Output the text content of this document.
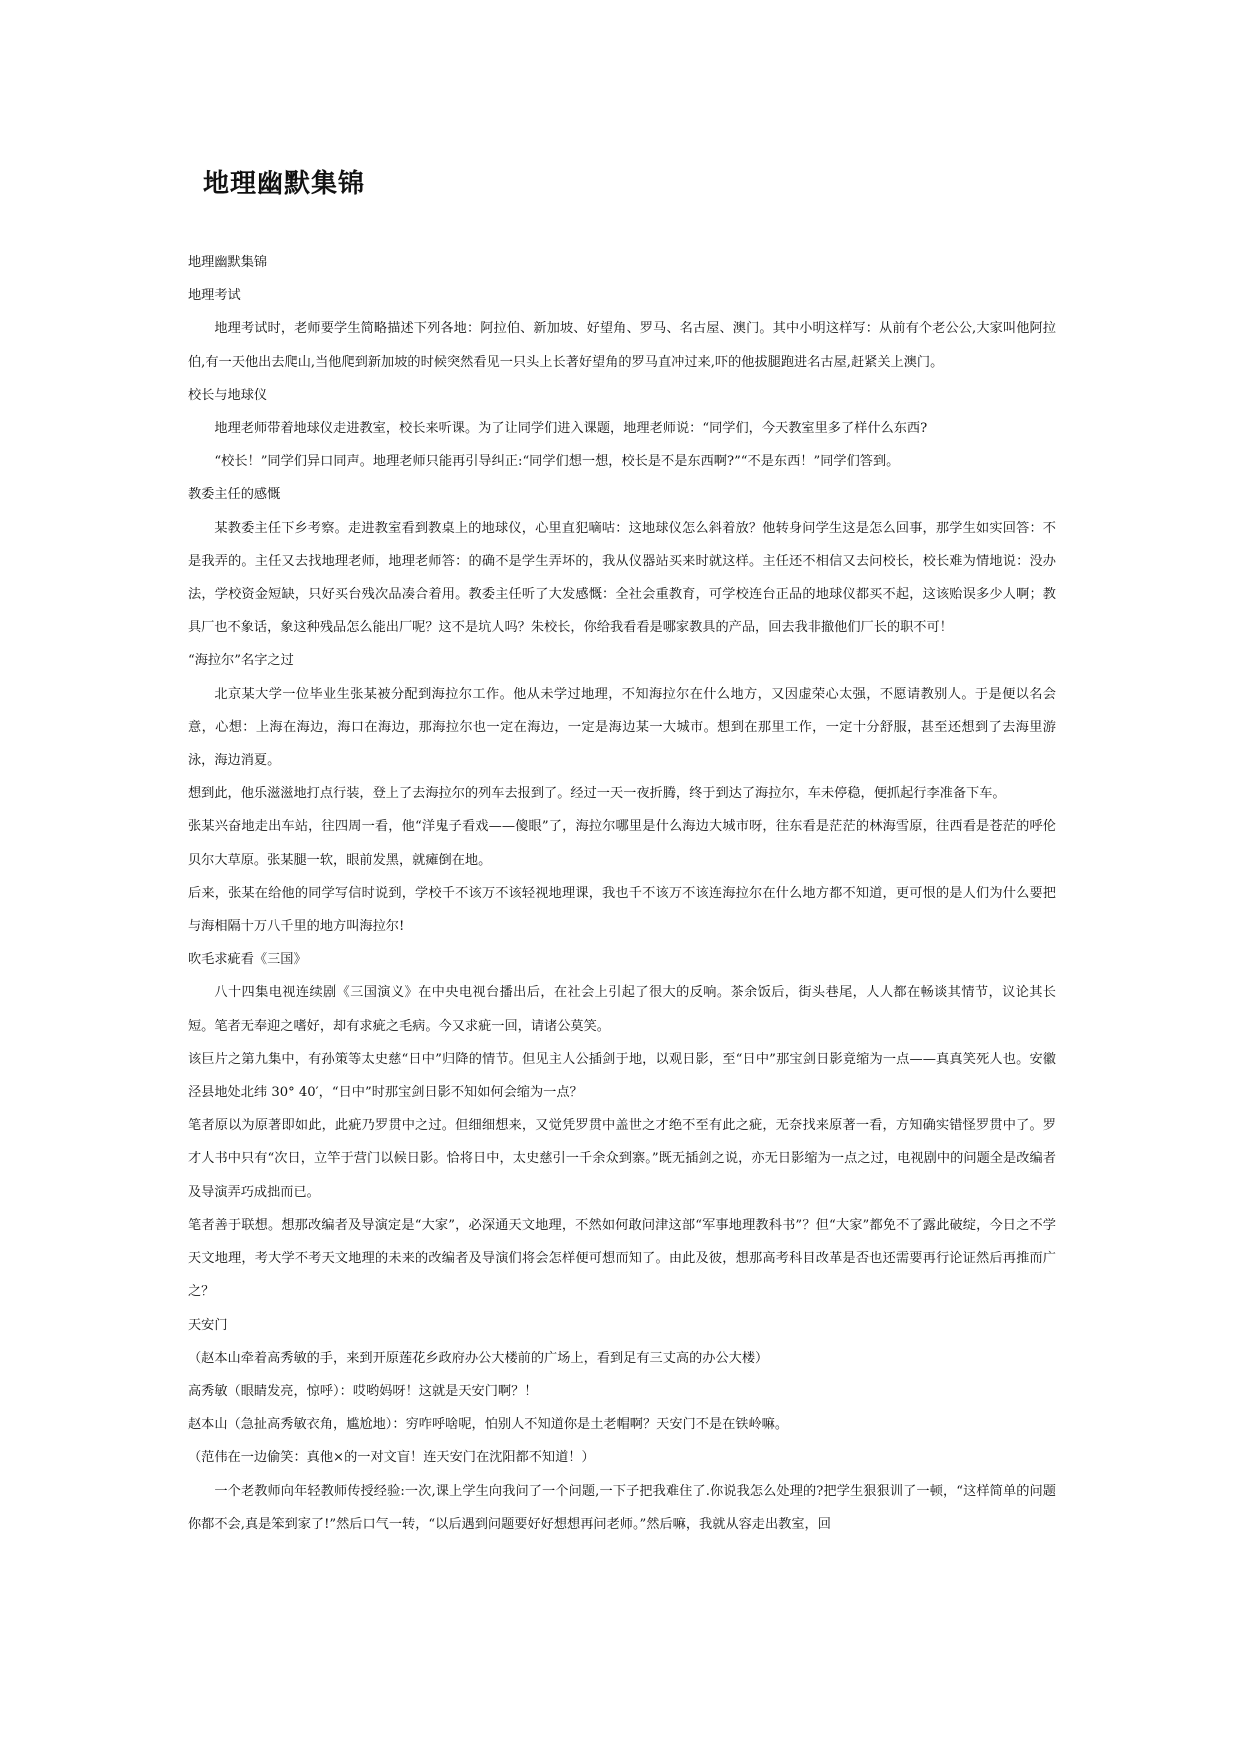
地理幽默集锦

地理幽默集锦

地理考试

地理考试时，老师要学生简略描述下列各地：阿拉伯、新加坡、好望角、罗马、名古屋、澳门。其中小明这样写：从前有个老公公,大家叫他阿拉伯,有一天他出去爬山,当他爬到新加坡的时候突然看见一只头上长著好望角的罗马直冲过来,吓的他拔腿跑进名古屋,赶紧关上澳门。

校长与地球仪

地理老师带着地球仪走进教室，校长来听课。为了让同学们进入课题，地理老师说：“同学们，今天教室里多了样什么东西?

“校长！”同学们异口同声。地理老师只能再引导纠正:“同学们想一想，校长是不是东西啊?”“不是东西！”同学们答到。

教委主任的感慨

某教委主任下乡考察。走进教室看到教桌上的地球仪，心里直犯嘀咕：这地球仪怎么斜着放？他转身问学生这是怎么回事，那学生如实回答：不是我弄的。主任又去找地理老师，地理老师答：的确不是学生弄坏的，我从仪器站买来时就这样。主任还不相信又去问校长，校长难为情地说：没办法，学校资金短缺，只好买台残次品凑合着用。教委主任听了大发感慨：全社会重教育，可学校连台正品的地球仪都买不起，这该贻误多少人啊；教具厂也不象话，象这种残品怎么能出厂呢？这不是坑人吗？朱校长，你给我看看是哪家教具的产品，回去我非撤他们厂长的职不可！

“海拉尔”名字之过

北京某大学一位毕业生张某被分配到海拉尔工作。他从未学过地理，不知海拉尔在什么地方，又因虚荣心太强，不愿请教别人。于是便以名会意，心想：上海在海边，海口在海边，那海拉尔也一定在海边，一定是海边某一大城市。想到在那里工作，一定十分舒服，甚至还想到了去海里游泳，海边消夏。

想到此，他乐滋滋地打点行装，登上了去海拉尔的列车去报到了。经过一天一夜折腾，终于到达了海拉尔，车未停稳，便抓起行李准备下车。

张某兴奋地走出车站，往四周一看，他“洋鬼子看戏——傻眼”了，海拉尔哪里是什么海边大城市呀，往东看是茫茫的林海雪原，往西看是苍茫的呼伦贝尔大草原。张某腿一软，眼前发黑，就瘫倒在地。

后来，张某在给他的同学写信时说到，学校千不该万不该轻视地理课，我也千不该万不该连海拉尔在什么地方都不知道，更可恨的是人们为什么要把与海相隔十万八千里的地方叫海拉尔!

吹毛求疵看《三国》

八十四集电视连续剧《三国演义》在中央电视台播出后，在社会上引起了很大的反响。茶余饭后，街头巷尾，人人都在畅谈其情节，议论其长短。笔者无奉迎之嗜好，却有求疵之毛病。今又求疵一回，请诸公莫笑。

该巨片之第九集中，有孙策等太史慈“日中”归降的情节。但见主人公插剑于地，以观日影，至“日中”那宝剑日影竟缩为一点——真真笑死人也。安徽泾县地处北纬 30° 40′，“日中”时那宝剑日影不知如何会缩为一点？

笔者原以为原著即如此，此疵乃罗贯中之过。但细细想来，又觉凭罗贯中盖世之才绝不至有此之疵，无奈找来原著一看，方知确实错怪罗贯中了。罗才人书中只有“次日，立竿于营门以候日影。恰将日中，太史慈引一千余众到寨。”既无插剑之说，亦无日影缩为一点之过，电视剧中的问题全是改编者及导演弄巧成拙而已。

笔者善于联想。想那改编者及导演定是“大家”，必深通天文地理，不然如何敢问津这部“军事地理教科书”？但“大家”都免不了露此破绽，今日之不学天文地理，考大学不考天文地理的未来的改编者及导演们将会怎样便可想而知了。由此及彼，想那高考科目改革是否也还需要再行论证然后再推而广之？

天安门

（赵本山牵着高秀敏的手，来到开原莲花乡政府办公大楼前的广场上，看到足有三丈高的办公大楼）

高秀敏（眼睛发亮，惊呼）：哎哟妈呀！这就是天安门啊？！

赵本山（急扯高秀敏衣角，尴尬地）：穷咋呼啥呢，怕别人不知道你是土老帽啊？天安门不是在铁岭嘛。

（范伟在一边偷笑：真他×的一对文盲！连天安门在沈阳都不知道！）

一个老教师向年轻教师传授经验:一次,课上学生向我问了一个问题,一下子把我难住了.你说我怎么处理的?把学生狠狠训了一顿，“这样简单的问题你都不会,真是笨到家了!”然后口气一转，“以后遇到问题要好好想想再问老师。”然后嘛，我就从容走出教室，回
